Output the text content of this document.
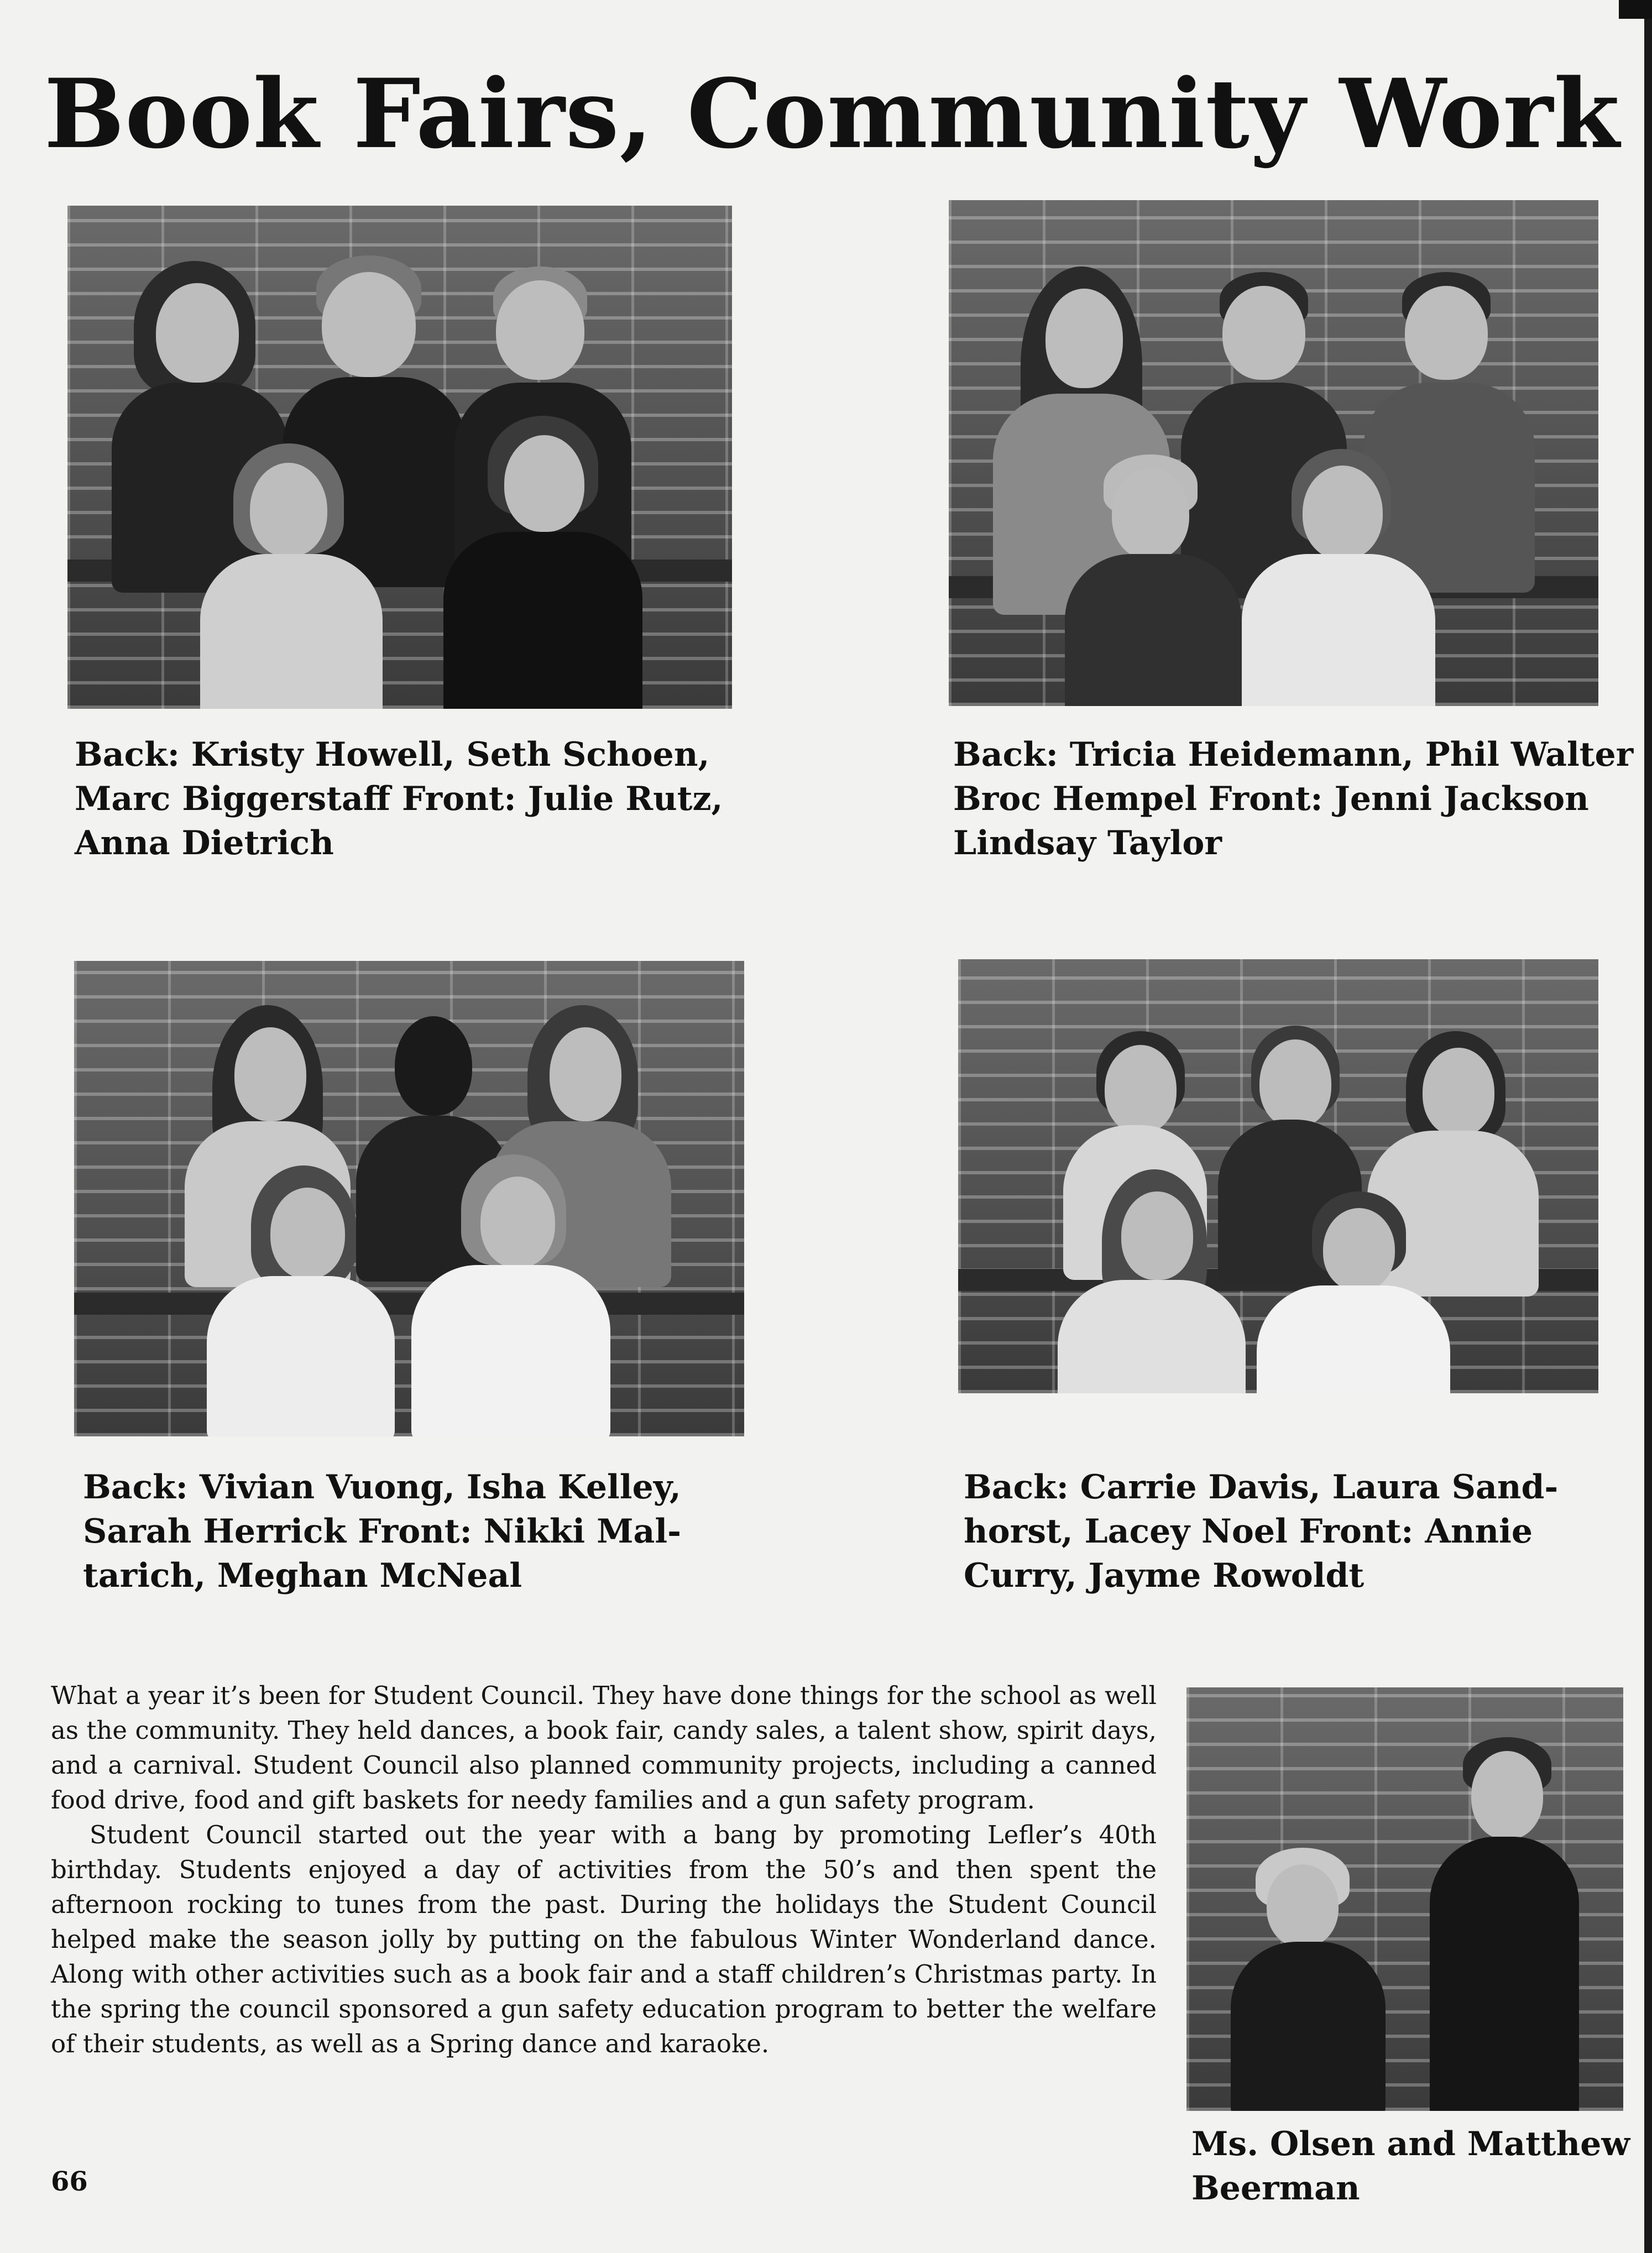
Book Fairs, Community Work
Back: Kristy Howell, Seth Schoen,
Marc Biggerstaff Front: Julie Rutz,
Anna Dietrich
Back: Tricia Heidemann, Phil Walter
Broc Hempel Front: Jenni Jackson
Lindsay Taylor
Back: Vivian Vuong, Isha Kelley,
Sarah Herrick Front: Nikki Mal-
tarich, Meghan McNeal
Back: Carrie Davis, Laura Sand-
horst, Lacey Noel Front: Annie
Curry, Jayme Rowoldt

What a year it’s been for Student Council. They have done things for the school as well as the community. They held dances, a book fair, candy sales, a talent show, spirit days, and a carnival. Student Council also planned community projects, including a canned food drive, food and gift baskets for needy families and a gun safety program.

Student Council started out the year with a bang by promoting Lefler’s 40th birthday. Students enjoyed a day of activities from the 50’s and then spent the afternoon rocking to tunes from the past. During the holidays the Student Council helped make the season jolly by putting on the fabulous Winter Wonderland dance. Along with other activities such as a book fair and a staff children’s Christmas party. In the spring the council sponsored a gun safety education program to better the welfare of their students, as well as a Spring dance and karaoke.

Ms. Olsen and Matthew
Beerman
66
